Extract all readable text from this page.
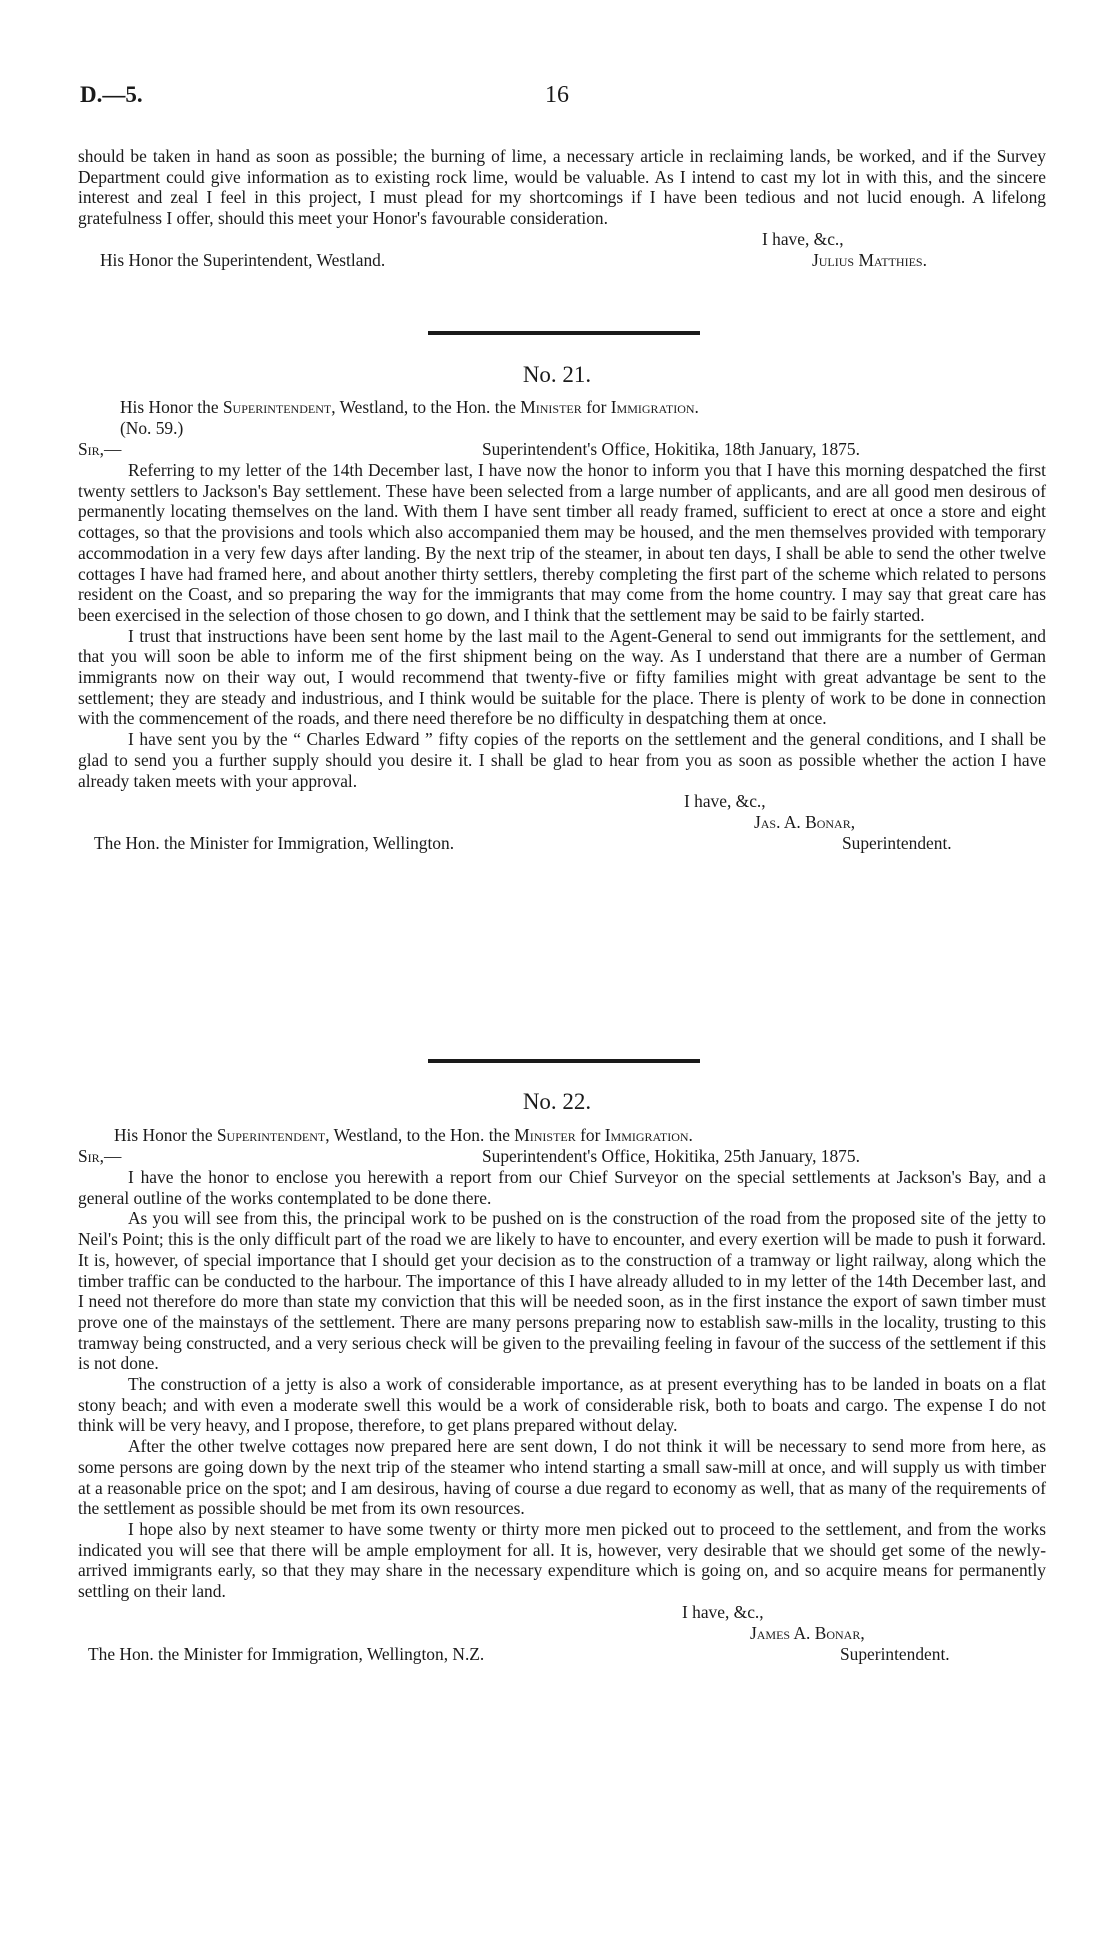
D.—5.	16

should be taken in hand as soon as possible; the burning of lime, a necessary article in reclaiming lands, be worked, and if the Survey Department could give information as to existing rock lime, would be valuable. As I intend to cast my lot in with this, and the sincere interest and zeal I feel in this project, I must plead for my shortcomings if I have been tedious and not lucid enough. A lifelong gratefulness I offer, should this meet your Honor's favourable consideration.

I have, &c.,
His Honor the Superintendent, Westland.	Julius Matthies.
No. 21.
His Honor the Superintendent, Westland, to the Hon. the Minister for Immigration.
(No. 59.)
Sir,—	Superintendent's Office, Hokitika, 18th January, 1875.

Referring to my letter of the 14th December last, I have now the honor to inform you that I have this morning despatched the first twenty settlers to Jackson's Bay settlement. These have been selected from a large number of applicants, and are all good men desirous of permanently locating themselves on the land. With them I have sent timber all ready framed, sufficient to erect at once a store and eight cottages, so that the provisions and tools which also accompanied them may be housed, and the men themselves provided with temporary accommodation in a very few days after landing. By the next trip of the steamer, in about ten days, I shall be able to send the other twelve cottages I have had framed here, and about another thirty settlers, thereby completing the first part of the scheme which related to persons resident on the Coast, and so preparing the way for the immigrants that may come from the home country. I may say that great care has been exercised in the selection of those chosen to go down, and I think that the settlement may be said to be fairly started.

I trust that instructions have been sent home by the last mail to the Agent-General to send out immigrants for the settlement, and that you will soon be able to inform me of the first shipment being on the way. As I understand that there are a number of German immigrants now on their way out, I would recommend that twenty-five or fifty families might with great advantage be sent to the settlement; they are steady and industrious, and I think would be suitable for the place. There is plenty of work to be done in connection with the commencement of the roads, and there need therefore be no difficulty in despatching them at once.

I have sent you by the “ Charles Edward ” fifty copies of the reports on the settlement and the general conditions, and I shall be glad to send you a further supply should you desire it. I shall be glad to hear from you as soon as possible whether the action I have already taken meets with your approval.

I have, &c.,
Jas. A. Bonar,
The Hon. the Minister for Immigration, Wellington.	Superintendent.
No. 22.
His Honor the Superintendent, Westland, to the Hon. the Minister for Immigration.
Sir,—	Superintendent's Office, Hokitika, 25th January, 1875.

I have the honor to enclose you herewith a report from our Chief Surveyor on the special settlements at Jackson's Bay, and a general outline of the works contemplated to be done there.

As you will see from this, the principal work to be pushed on is the construction of the road from the proposed site of the jetty to Neil's Point; this is the only difficult part of the road we are likely to have to encounter, and every exertion will be made to push it forward. It is, however, of special importance that I should get your decision as to the construction of a tramway or light railway, along which the timber traffic can be conducted to the harbour. The importance of this I have already alluded to in my letter of the 14th December last, and I need not therefore do more than state my conviction that this will be needed soon, as in the first instance the export of sawn timber must prove one of the mainstays of the settlement. There are many persons preparing now to establish saw-mills in the locality, trusting to this tramway being constructed, and a very serious check will be given to the prevailing feeling in favour of the success of the settlement if this is not done.

The construction of a jetty is also a work of considerable importance, as at present everything has to be landed in boats on a flat stony beach; and with even a moderate swell this would be a work of considerable risk, both to boats and cargo. The expense I do not think will be very heavy, and I propose, therefore, to get plans prepared without delay.

After the other twelve cottages now prepared here are sent down, I do not think it will be necessary to send more from here, as some persons are going down by the next trip of the steamer who intend starting a small saw-mill at once, and will supply us with timber at a reasonable price on the spot; and I am desirous, having of course a due regard to economy as well, that as many of the requirements of the settlement as possible should be met from its own resources.

I hope also by next steamer to have some twenty or thirty more men picked out to proceed to the settlement, and from the works indicated you will see that there will be ample employment for all. It is, however, very desirable that we should get some of the newly-arrived immigrants early, so that they may share in the necessary expenditure which is going on, and so acquire means for permanently settling on their land.

I have, &c.,
James A. Bonar,
The Hon. the Minister for Immigration, Wellington, N.Z.	Superintendent.
